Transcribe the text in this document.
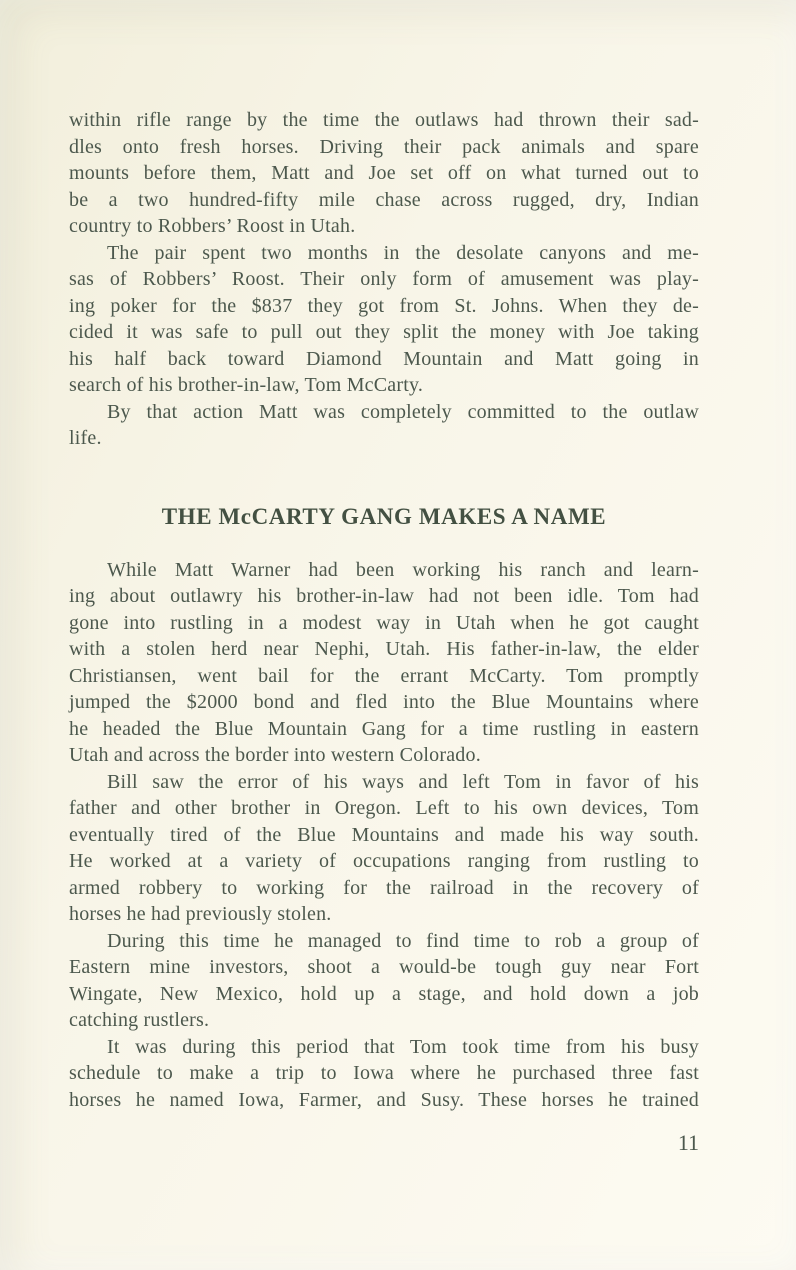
within rifle range by the time the outlaws had thrown their sad-
dles onto fresh horses. Driving their pack animals and spare
mounts before them, Matt and Joe set off on what turned out to
be a two hundred-fifty mile chase across rugged, dry, Indian
country to Robbers’ Roost in Utah.
The pair spent two months in the desolate canyons and me-
sas of Robbers’ Roost. Their only form of amusement was play-
ing poker for the $837 they got from St. Johns. When they de-
cided it was safe to pull out they split the money with Joe taking
his half back toward Diamond Mountain and Matt going in
search of his brother-in-law, Tom McCarty.
By that action Matt was completely committed to the outlaw
life.
THE McCARTY GANG MAKES A NAME
While Matt Warner had been working his ranch and learn-
ing about outlawry his brother-in-law had not been idle. Tom had
gone into rustling in a modest way in Utah when he got caught
with a stolen herd near Nephi, Utah. His father-in-law, the elder
Christiansen, went bail for the errant McCarty. Tom promptly
jumped the $2000 bond and fled into the Blue Mountains where
he headed the Blue Mountain Gang for a time rustling in eastern
Utah and across the border into western Colorado.
Bill saw the error of his ways and left Tom in favor of his
father and other brother in Oregon. Left to his own devices, Tom
eventually tired of the Blue Mountains and made his way south.
He worked at a variety of occupations ranging from rustling to
armed robbery to working for the railroad in the recovery of
horses he had previously stolen.
During this time he managed to find time to rob a group of
Eastern mine investors, shoot a would-be tough guy near Fort
Wingate, New Mexico, hold up a stage, and hold down a job
catching rustlers.
It was during this period that Tom took time from his busy
schedule to make a trip to Iowa where he purchased three fast
horses he named Iowa, Farmer, and Susy. These horses he trained
11
